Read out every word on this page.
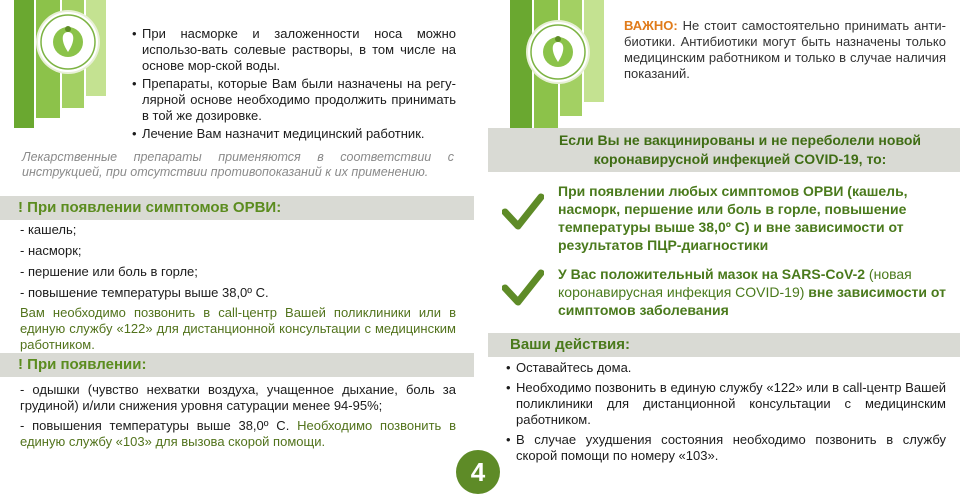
• При насморке и заложенности носа можно использо-вать солевые растворы, в том числе на основе мор-ской воды.
• Препараты, которые Вам были назначены на регу-лярной основе необходимо продолжить принимать в той же дозировке.
• Лечение Вам назначит медицинский работник.
Лекарственные препараты применяются в соответствии с инструкцией, при отсутствии противопоказаний к их применению.
! При появлении симптомов ОРВИ:
- кашель;
- насморк;
- першение или боль в горле;
- повышение температуры выше 38,0º С.
Вам необходимо позвонить в call-центр Вашей поликлиники или в единую службу «122» для дистанционной консультации с медицинским работником.
! При появлении:
- одышки (чувство нехватки воздуха, учащенное дыхание, боль за грудиной) и/или снижения уровня сатурации менее 94-95%;
- повышения температуры выше 38,0º С. Необходимо позвонить в единую службу «103» для вызова скорой помощи.
4
ВАЖНО: Не стоит самостоятельно принимать анти-биотики. Антибиотики могут быть назначены только медицинским работником и только в случае наличия показаний.
Если Вы не вакцинированы и не переболели новой коронавирусной инфекцией COVID-19, то:
При появлении любых симптомов ОРВИ (кашель, насморк, першение или боль в горле, повышение температуры выше 38,0º С) и вне зависимости от результатов ПЦР-диагностики
У Вас положительный мазок на SARS-CoV-2 (новая коронавирусная инфекция COVID-19) вне зависимости от симптомов заболевания
Ваши действия:
• Оставайтесь дома.
• Необходимо позвонить в единую службу «122» или в call-центр Вашей поликлиники для дистанционной консультации с медицинским работником.
• В случае ухудшения состояния необходимо позвонить в службу скорой помощи по номеру «103».
